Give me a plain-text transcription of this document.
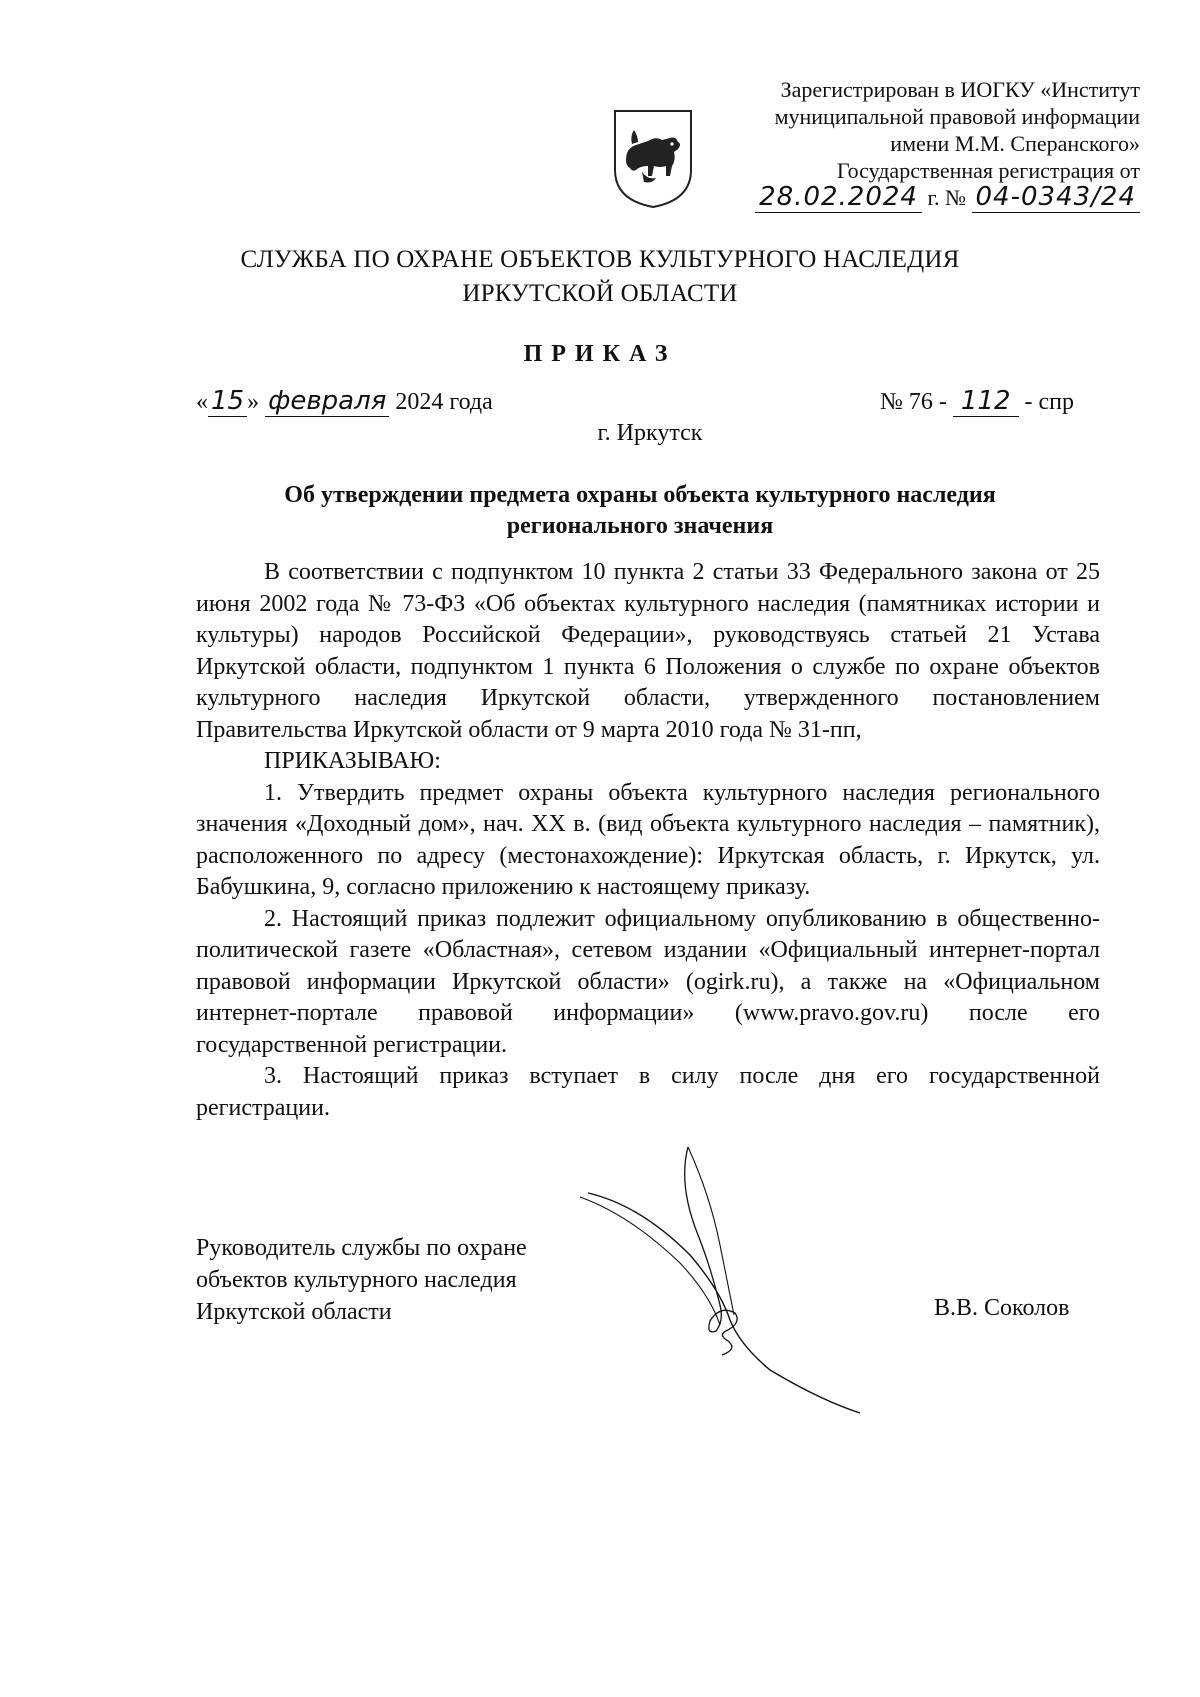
Зарегистрирован в ИОГКУ «Институт
муниципальной правовой информации
имени М.М. Сперанского»
Государственная регистрация от
28.02.2024 г. № 04-0343/24
СЛУЖБА ПО ОХРАНЕ ОБЪЕКТОВ КУЛЬТУРНОГО НАСЛЕДИЯ
ИРКУТСКОЙ ОБЛАСТИ
ПРИКАЗ
« 15 » февраля 2024 года	№ 76 - 112 - спр
г. Иркутск
Об утверждении предмета охраны объекта культурного наследия
регионального значения

В соответствии с подпунктом 10 пункта 2 статьи 33 Федерального закона от 25 июня 2002 года № 73-ФЗ «Об объектах культурного наследия (памятниках истории и культуры) народов Российской Федерации», руководствуясь статьей 21 Устава Иркутской области, подпунктом 1 пункта 6 Положения о службе по охране объектов культурного наследия Иркутской области, утвержденного постановлением Правительства Иркутской области от 9 марта 2010 года № 31-пп,

ПРИКАЗЫВАЮ:

1. Утвердить предмет охраны объекта культурного наследия регионального значения «Доходный дом», нач. XX в. (вид объекта культурного наследия – памятник), расположенного по адресу (местонахождение): Иркутская область, г. Иркутск, ул. Бабушкина, 9, согласно приложению к настоящему приказу.

2. Настоящий приказ подлежит официальному опубликованию в общественно-политической газете «Областная», сетевом издании «Официальный интернет-портал правовой информации Иркутской области» (ogirk.ru), а также на «Официальном интернет-портале правовой информации» (www.pravo.gov.ru) после его государственной регистрации.

3. Настоящий приказ вступает в силу после дня его государственной регистрации.

Руководитель службы по охране
объектов культурного наследия
Иркутской области	В.В. Соколов
